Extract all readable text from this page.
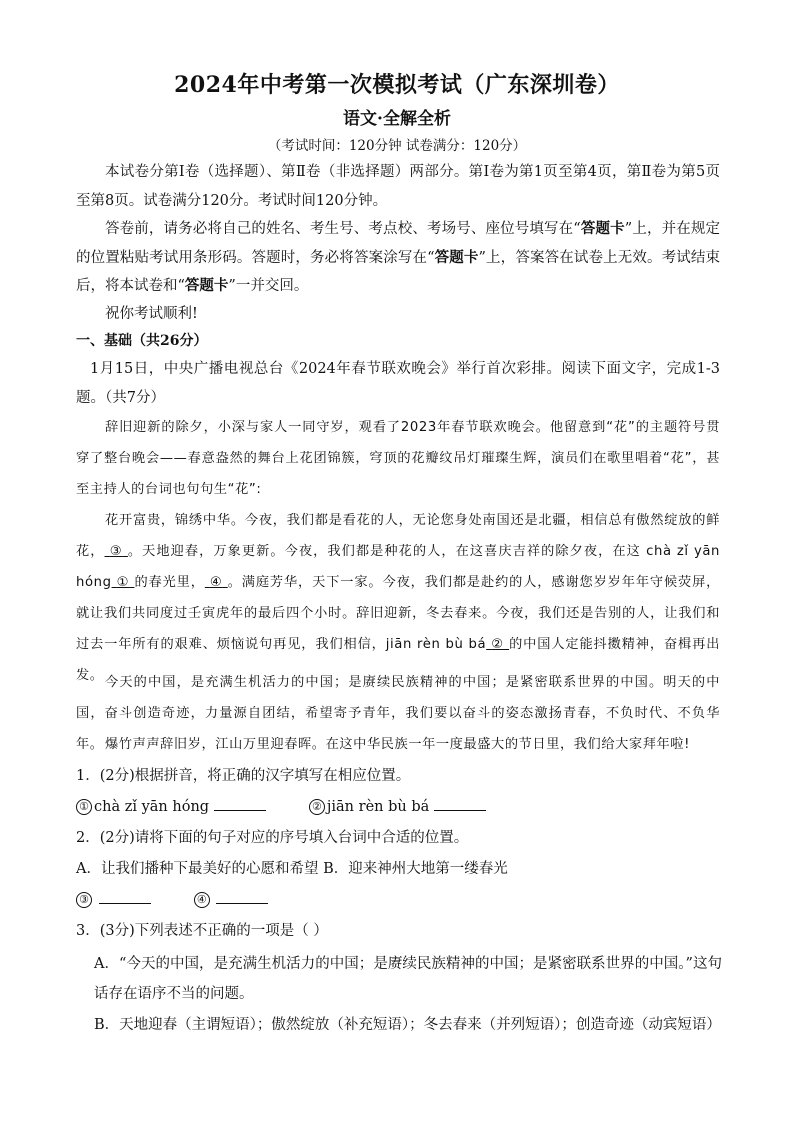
2024年中考第一次模拟考试（广东深圳卷）
语文·全解全析
（考试时间：120分钟 试卷满分：120分）
本试卷分第Ⅰ卷（选择题）、第Ⅱ卷（非选择题）两部分。第Ⅰ卷为第1页至第4页，第Ⅱ卷为第5页至第8页。试卷满分120分。考试时间120分钟。
答卷前，请务必将自己的姓名、考生号、考点校、考场号、座位号填写在“答题卡”上，并在规定的位置粘贴考试用条形码。答题时，务必将答案涂写在“答题卡”上，答案答在试卷上无效。考试结束后，将本试卷和“答题卡”一并交回。
祝你考试顺利!
一、基础（共26分）
1月15日，中央广播电视总台《2024年春节联欢晚会》举行首次彩排。阅读下面文字，完成1-3题。（共7分）
辞旧迎新的除夕，小深与家人一同守岁，观看了2023年春节联欢晚会。他留意到“花”的主题符号贯穿了整台晚会——春意盎然的舞台上花团锦簇，穹顶的花瓣纹吊灯璀璨生辉，演员们在歌里唱着“花”，甚至主持人的台词也句句生“花”:
花开富贵，锦绣中华。今夜，我们都是看花的人，无论您身处南国还是北疆，相信总有傲然绽放的鲜花， ③ 。天地迎春，万象更新。今夜，我们都是种花的人，在这喜庆吉祥的除夕夜，在这 chà zǐ yān hóng ① 的春光里， ④ 。满庭芳华，天下一家。今夜，我们都是赴约的人，感谢您岁岁年年守候荧屏，就让我们共同度过壬寅虎年的最后四个小时。辞旧迎新，冬去春来。今夜，我们还是告别的人，让我们和过去一年所有的艰难、烦恼说句再见，我们相信，jiān rèn bù bá ② 的中国人定能抖擞精神，奋楫再出发。 今天的中国，是充满生机活力的中国；是赓续民族精神的中国；是紧密联系世界的中国。明天的中国，奋斗创造奇迹，力量源自团结，希望寄予青年，我们要以奋斗的姿态激扬青春，不负时代、不负华年。 爆竹声声辞旧岁，江山万里迎春晖。在这中华民族一年一度最盛大的节日里，我们给大家拜年啦!
1．(2分)根据拼音，将正确的汉字填写在相应位置。
① chà zǐ yān hóng	② jiān rèn bù bá
2．(2分)请将下面的句子对应的序号填入台词中合适的位置。
A．让我们播种下最美好的心愿和希望 B．迎来神州大地第一缕春光
③	④
3．(3分)下列表述不正确的一项是（ ）
A．“今天的中国，是充满生机活力的中国；是赓续民族精神的中国；是紧密联系世界的中国。”这句话存在语序不当的问题。
B．天地迎春（主谓短语）；傲然绽放（补充短语）；冬去春来（并列短语）；创造奇迹（动宾短语）
